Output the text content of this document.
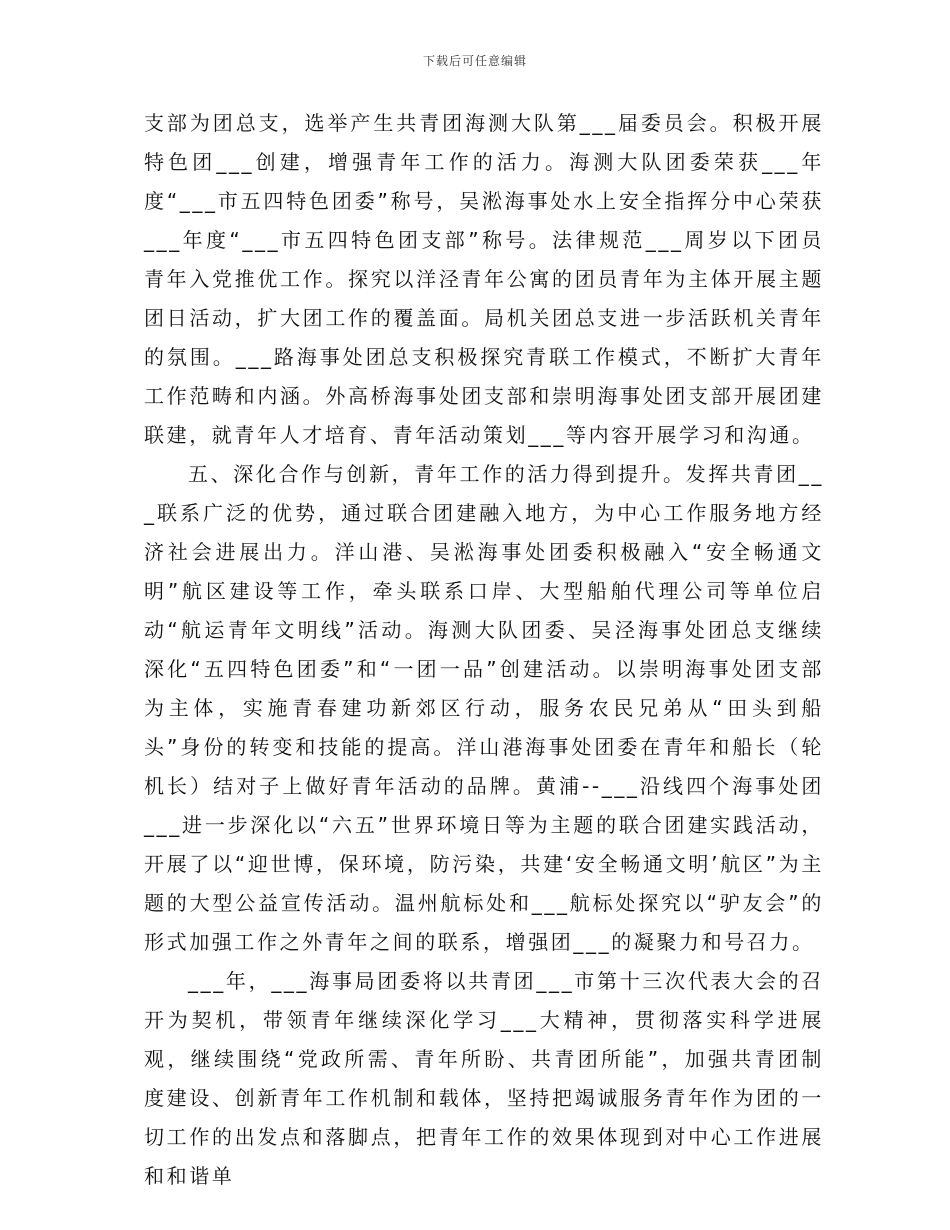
下载后可任意编辑

支部为团总支，选举产生共青团海测大队第___届委员会。积极开展特色团___创建，增强青年工作的活力。海测大队团委荣获___年度“___市五四特色团委”称号，吴淞海事处水上安全指挥分中心荣获___年度“___市五四特色团支部”称号。法律规范___周岁以下团员青年入党推优工作。探究以洋泾青年公寓的团员青年为主体开展主题团日活动，扩大团工作的覆盖面。局机关团总支进一步活跃机关青年的氛围。___路海事处团总支积极探究青联工作模式，不断扩大青年工作范畴和内涵。外高桥海事处团支部和崇明海事处团支部开展团建联建，就青年人才培育、青年活动策划___等内容开展学习和沟通。

五、深化合作与创新，青年工作的活力得到提升。发挥共青团___联系广泛的优势，通过联合团建融入地方，为中心工作服务地方经济社会进展出力。洋山港、吴淞海事处团委积极融入“安全畅通文明”航区建设等工作，牵头联系口岸、大型船舶代理公司等单位启动“航运青年文明线”活动。海测大队团委、吴泾海事处团总支继续深化“五四特色团委”和“一团一品”创建活动。以崇明海事处团支部为主体，实施青春建功新郊区行动，服务农民兄弟从“田头到船头”身份的转变和技能的提高。洋山港海事处团委在青年和船长（轮机长）结对子上做好青年活动的品牌。黄浦--___沿线四个海事处团___进一步深化以“六五”世界环境日等为主题的联合团建实践活动，开展了以“迎世博，保环境，防污染，共建‘安全畅通文明’航区”为主题的大型公益宣传活动。温州航标处和___航标处探究以“驴友会”的形式加强工作之外青年之间的联系，增强团___的凝聚力和号召力。

___年，___海事局团委将以共青团___市第十三次代表大会的召开为契机，带领青年继续深化学习___大精神，贯彻落实科学进展观，继续围绕“党政所需、青年所盼、共青团所能”，加强共青团制度建设、创新青年工作机制和载体，坚持把竭诚服务青年作为团的一切工作的出发点和落脚点，把青年工作的效果体现到对中心工作进展和和谐单
